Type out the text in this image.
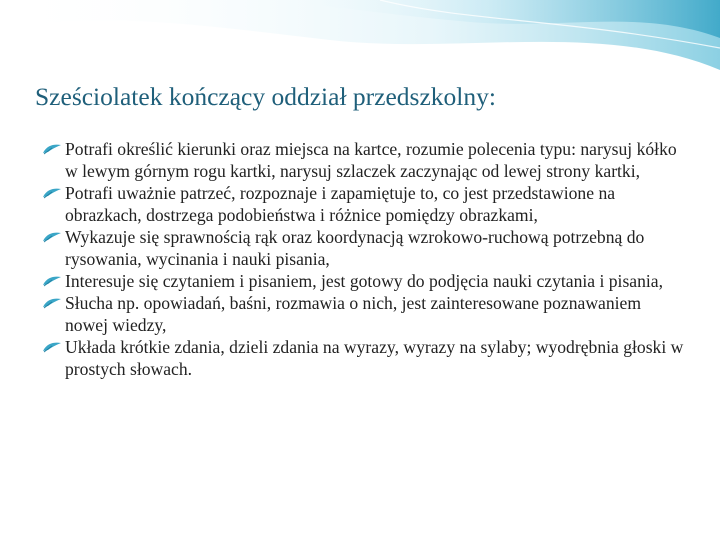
Sześciolatek kończący oddział przedszkolny:
Potrafi określić kierunki oraz miejsca na kartce, rozumie polecenia typu: narysuj kółko w lewym górnym rogu kartki, narysuj szlaczek zaczynając od lewej strony kartki,
Potrafi uważnie patrzeć, rozpoznaje i zapamiętuje to, co jest przedstawione na obrazkach, dostrzega podobieństwa i różnice pomiędzy obrazkami,
Wykazuje się sprawnością rąk oraz koordynacją wzrokowo-ruchową potrzebną do rysowania, wycinania i nauki pisania,
Interesuje się czytaniem i pisaniem, jest gotowy do podjęcia nauki czytania i pisania,
Słucha np. opowiadań, baśni, rozmawia o nich, jest zainteresowane poznawaniem nowej wiedzy,
Układa krótkie zdania, dzieli zdania na wyrazy, wyrazy na sylaby; wyodrębnia głoski w prostych słowach.
